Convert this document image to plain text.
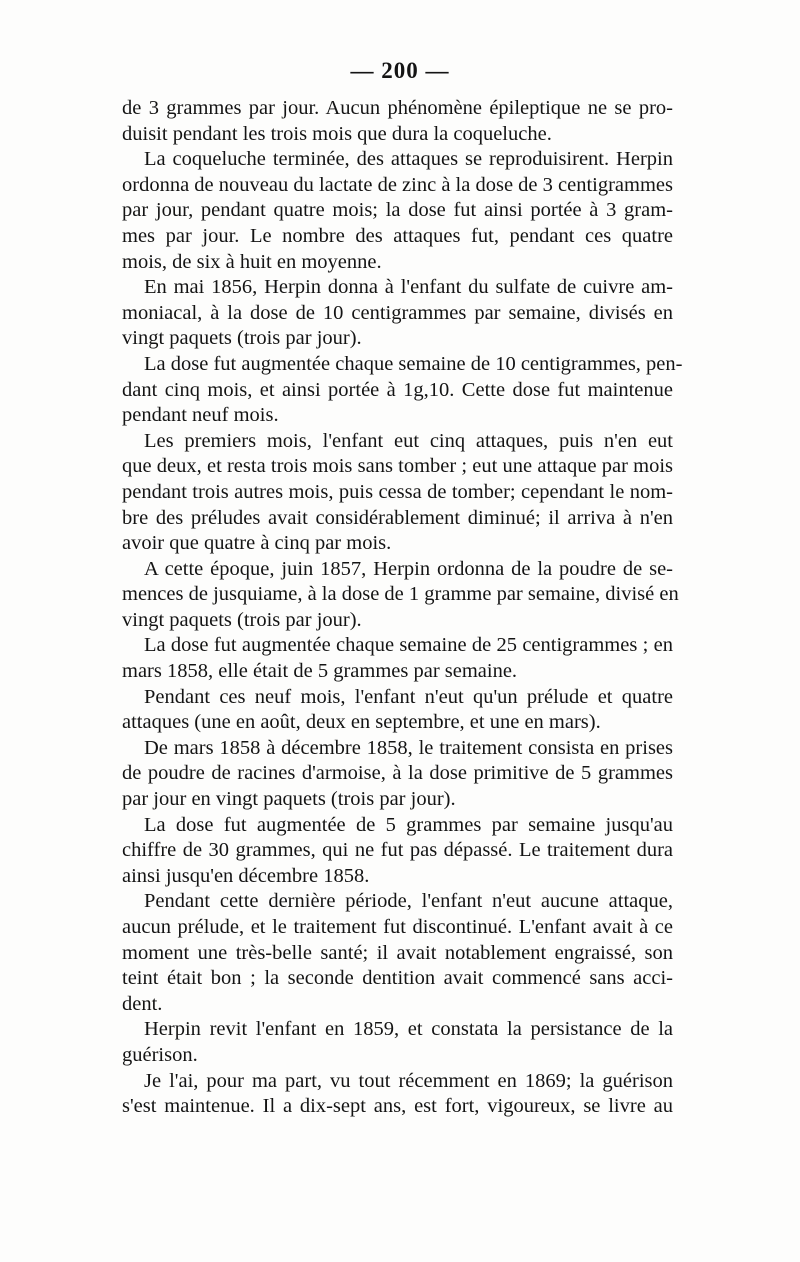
— 200 —
de 3 grammes par jour. Aucun phénomène épileptique ne se pro-
duisit pendant les trois mois que dura la coqueluche.
La coqueluche terminée, des attaques se reproduisirent. Herpin
ordonna de nouveau du lactate de zinc à la dose de 3 centigrammes
par jour, pendant quatre mois; la dose fut ainsi portée à 3 gram-
mes par jour. Le nombre des attaques fut, pendant ces quatre
mois, de six à huit en moyenne.
En mai 1856, Herpin donna à l'enfant du sulfate de cuivre am-
moniacal, à la dose de 10 centigrammes par semaine, divisés en
vingt paquets (trois par jour).
La dose fut augmentée chaque semaine de 10 centigrammes, pen-
dant cinq mois, et ainsi portée à 1g,10. Cette dose fut maintenue
pendant neuf mois.
Les premiers mois, l'enfant eut cinq attaques, puis n'en eut
que deux, et resta trois mois sans tomber ; eut une attaque par mois
pendant trois autres mois, puis cessa de tomber; cependant le nom-
bre des préludes avait considérablement diminué; il arriva à n'en
avoir que quatre à cinq par mois.
A cette époque, juin 1857, Herpin ordonna de la poudre de se-
mences de jusquiame, à la dose de 1 gramme par semaine, divisé en
vingt paquets (trois par jour).
La dose fut augmentée chaque semaine de 25 centigrammes ; en
mars 1858, elle était de 5 grammes par semaine.
Pendant ces neuf mois, l'enfant n'eut qu'un prélude et quatre
attaques (une en août, deux en septembre, et une en mars).
De mars 1858 à décembre 1858, le traitement consista en prises
de poudre de racines d'armoise, à la dose primitive de 5 grammes
par jour en vingt paquets (trois par jour).
La dose fut augmentée de 5 grammes par semaine jusqu'au
chiffre de 30 grammes, qui ne fut pas dépassé. Le traitement dura
ainsi jusqu'en décembre 1858.
Pendant cette dernière période, l'enfant n'eut aucune attaque,
aucun prélude, et le traitement fut discontinué. L'enfant avait à ce
moment une très-belle santé; il avait notablement engraissé, son
teint était bon ; la seconde dentition avait commencé sans acci-
dent.
Herpin revit l'enfant en 1859, et constata la persistance de la
guérison.
Je l'ai, pour ma part, vu tout récemment en 1869; la guérison
s'est maintenue. Il a dix-sept ans, est fort, vigoureux, se livre au
